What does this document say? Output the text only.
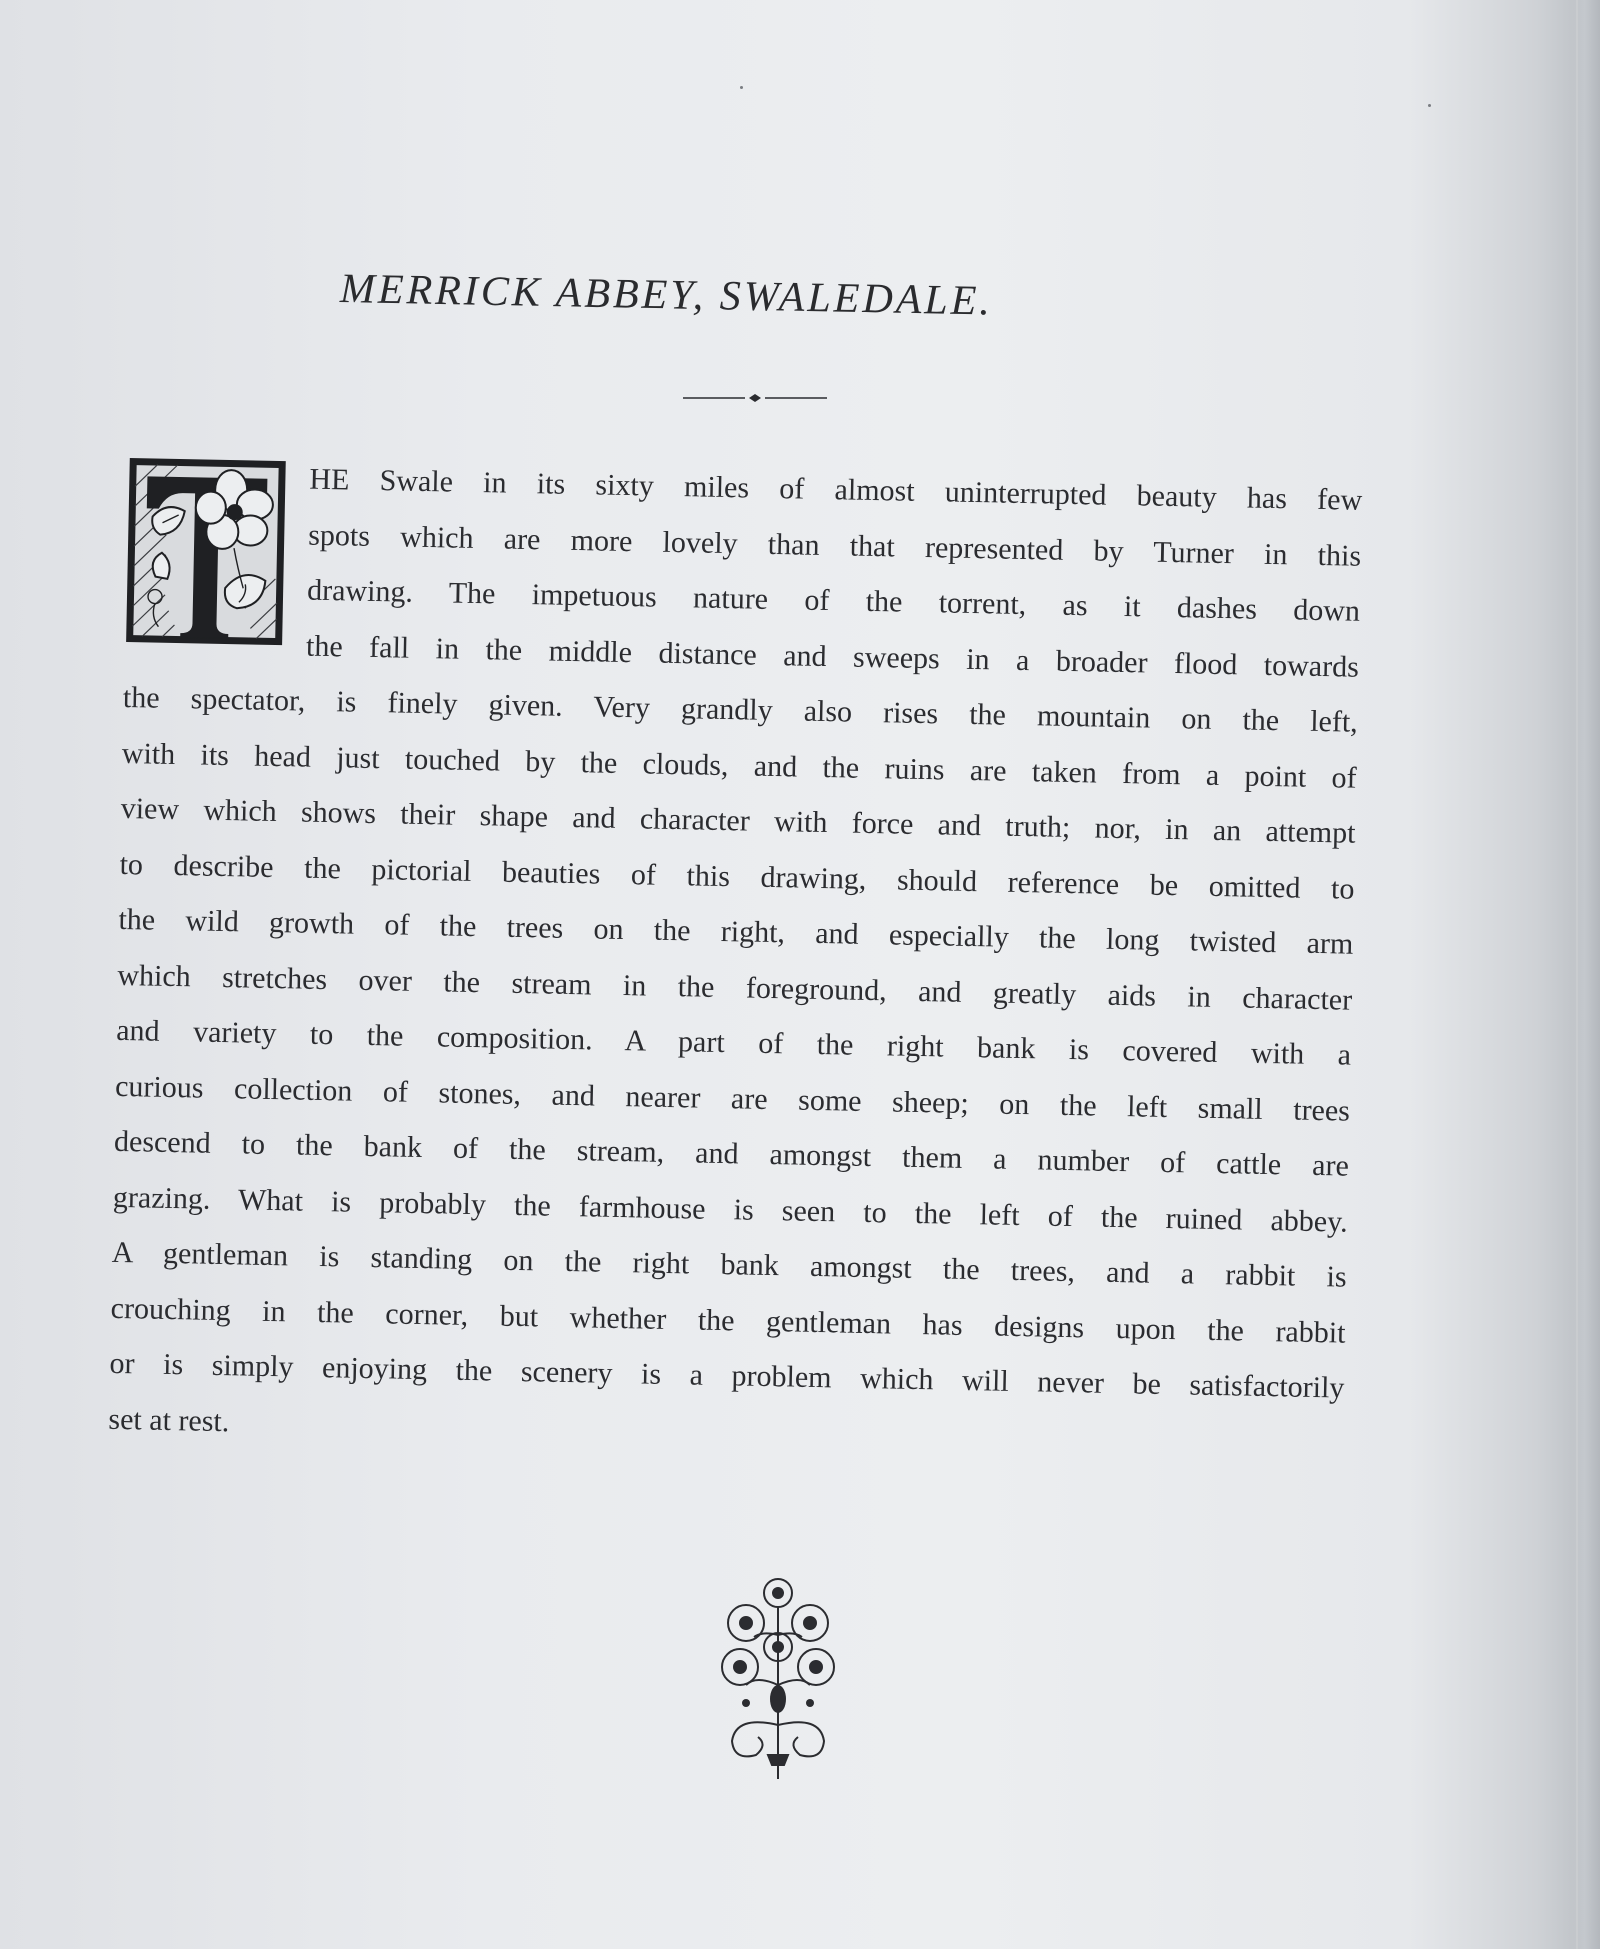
MERRICK ABBEY, SWALEDALE.

HE Swale in its sixty miles of almost uninterrupted beauty has few
spots which are more lovely than that represented by Turner in this
drawing. The impetuous nature of the torrent, as it dashes down
the fall in the middle distance and sweeps in a broader flood towards
the spectator, is finely given. Very grandly also rises the mountain on the left,
with its head just touched by the clouds, and the ruins are taken from a point of
view which shows their shape and character with force and truth; nor, in an attempt
to describe the pictorial beauties of this drawing, should reference be omitted to
the wild growth of the trees on the right, and especially the long twisted arm
which stretches over the stream in the foreground, and greatly aids in character
and variety to the composition. A part of the right bank is covered with a
curious collection of stones, and nearer are some sheep; on the left small trees
descend to the bank of the stream, and amongst them a number of cattle are
grazing. What is probably the farmhouse is seen to the left of the ruined abbey.
A gentleman is standing on the right bank amongst the trees, and a rabbit is
crouching in the corner, but whether the gentleman has designs upon the rabbit
or is simply enjoying the scenery is a problem which will never be satisfactorily
set at rest.
